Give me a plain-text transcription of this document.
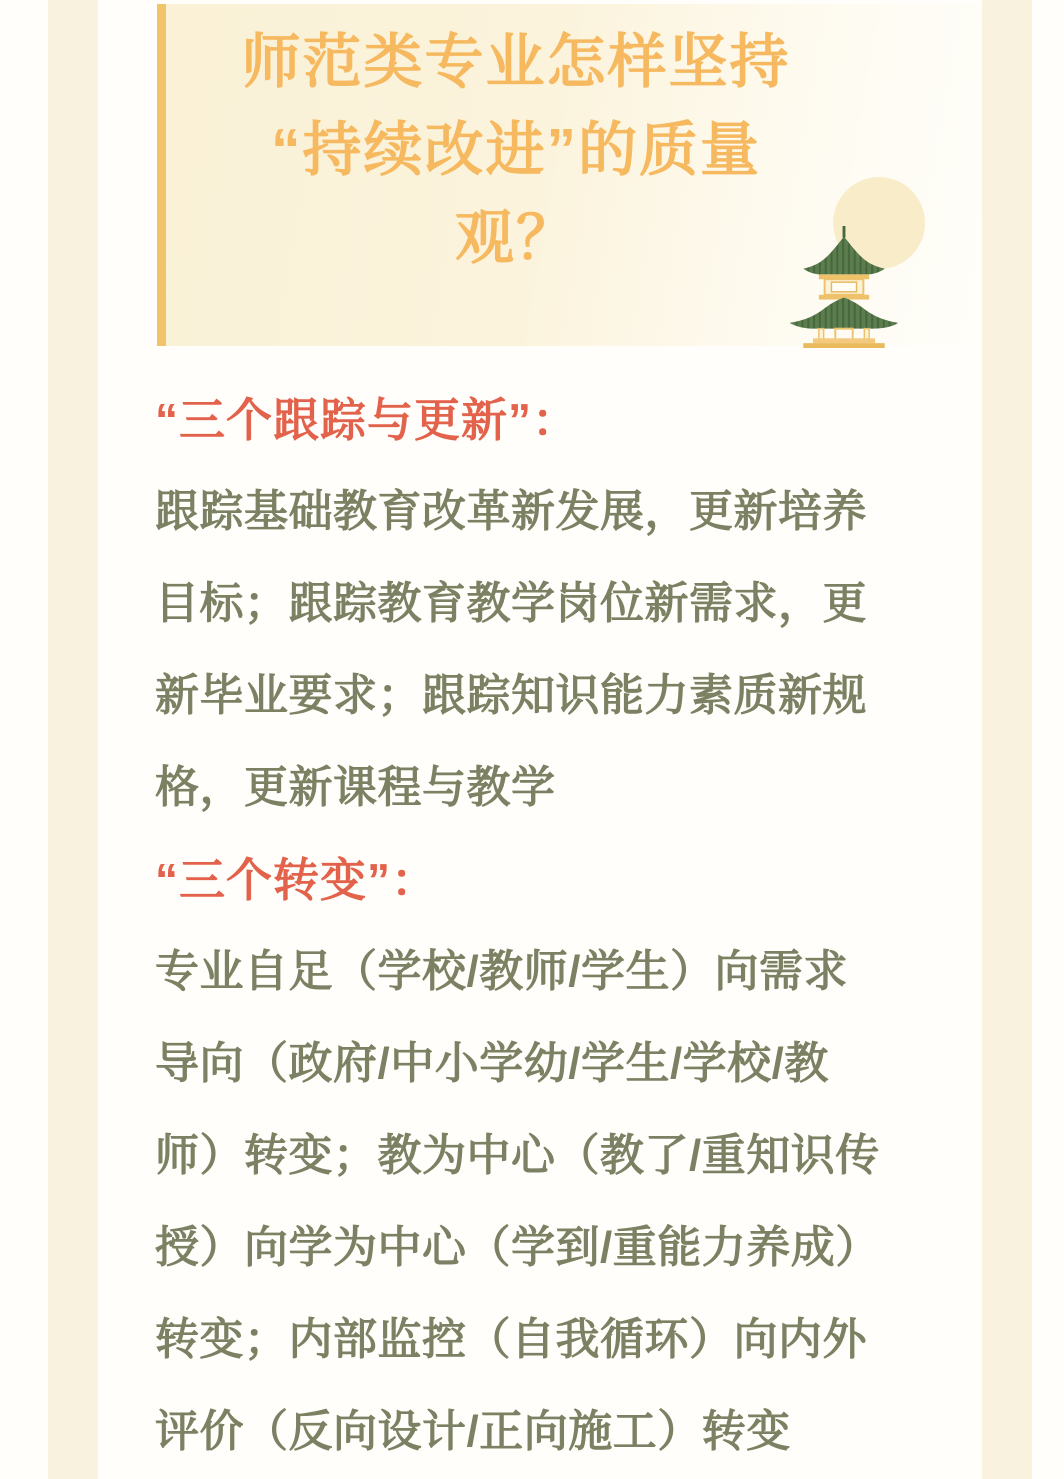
师范类专业怎样坚持
“持续改进”的质量
观？
“三个跟踪与更新”：
跟踪基础教育改革新发展，更新培养
目标；跟踪教育教学岗位新需求，更
新毕业要求；跟踪知识能力素质新规
格，更新课程与教学
“三个转变”：
专业自足（学校/教师/学生）向需求
导向（政府/中小学幼/学生/学校/教
师）转变；教为中心（教了/重知识传
授）向学为中心（学到/重能力养成）
转变；内部监控（自我循环）向内外
评价（反向设计/正向施工）转变
